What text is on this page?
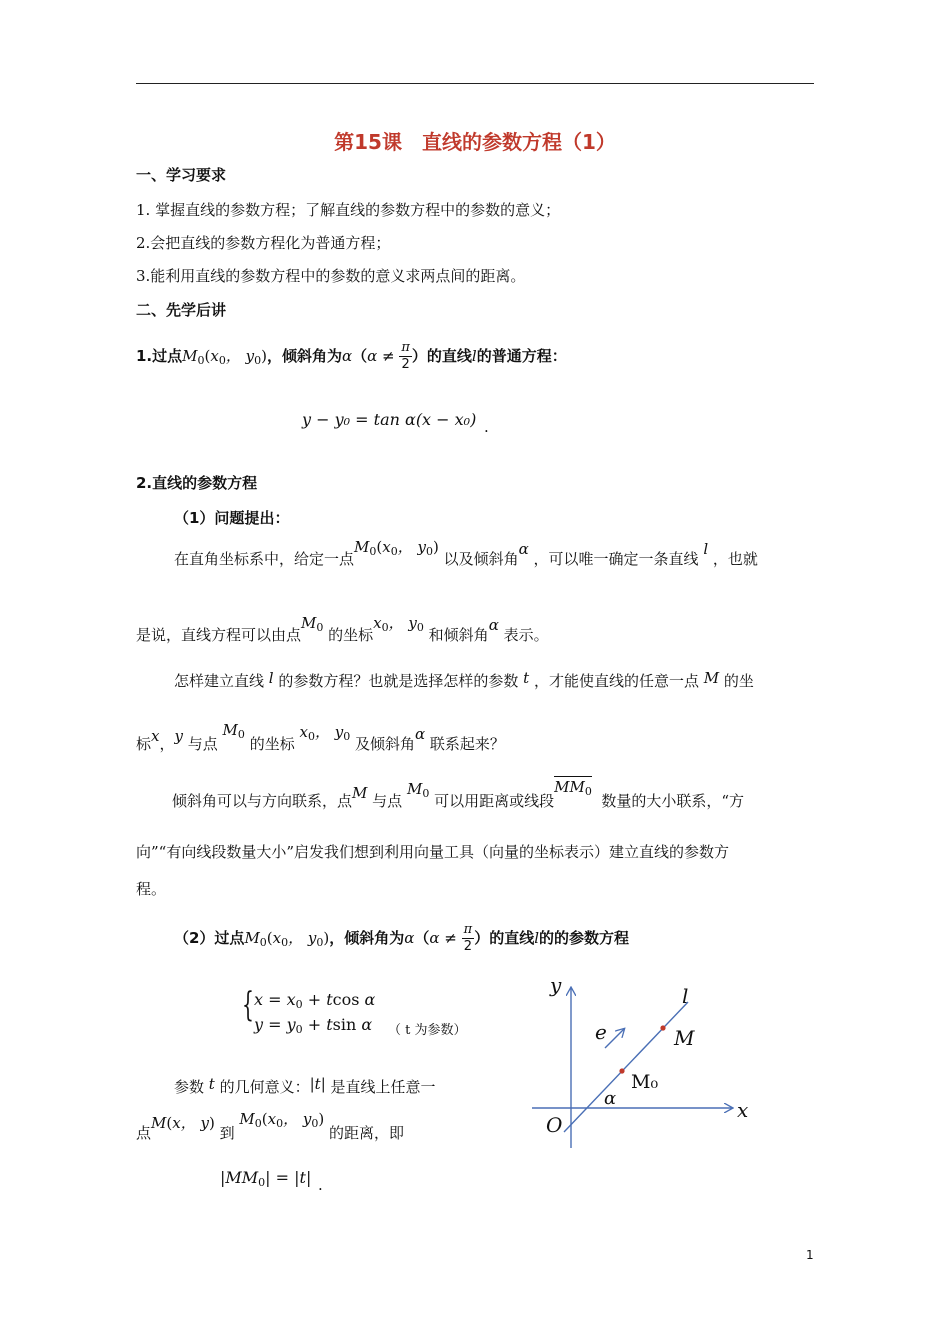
第15课　直线的参数方程（1）
一、学习要求
1. 掌握直线的参数方程；了解直线的参数方程中的参数的意义；
2.会把直线的参数方程化为普通方程；
3.能利用直线的参数方程中的参数的意义求两点间的距离。
二、先学后讲
1.过点$M_0(x_0$， $y_0$)，倾斜角为$\alpha(\alpha \ne \frac{\pi}{2}$ ）的直线l的普通方程：
y − y₀ = tan α(x − x₀) .
2.直线的参数方程
（1）问题提出：
在直角坐标系中，给定一点$M_0(x_0$， $y_0$) 以及倾斜角α ，可以唯一确定一条直线 l ，也就
是说，直线方程可以由点$M_0$ 的坐标$x_0$， $y_0$ 和倾斜角α 表示。
怎样建立直线 l 的参数方程？也就是选择怎样的参数 t ，才能使直线的任意一点 M 的坐
标x，y 与点 $M_0$ 的坐标 $x_0$， $y_0$ 及倾斜角α 联系起来？
倾斜角可以与方向联系，点M 与点 $M_0$ 可以用距离或线段$MM_0$  数量的大小联系，“方
向”“有向线段数量大小”启发我们想到利用向量工具（向量的坐标表示）建立直线的参数方
程。
（2）过点$M_0(x_0$， $y_0$)，倾斜角为$\alpha(\alpha \ne \frac{\pi}{2}$ ）的直线l的的参数方程
{ $x = x_0 + tcos$ α
$y = y_0 + tsin$ α （ t 为参数）
参数 t 的几何意义：|t| 是直线上任意一
点M(x， y) 到 $M_0(x_0$， $y_0$) 的距离，即
$|MM_0| = |t|$ .
y
x
O
l
e	M
M₀
α
1
